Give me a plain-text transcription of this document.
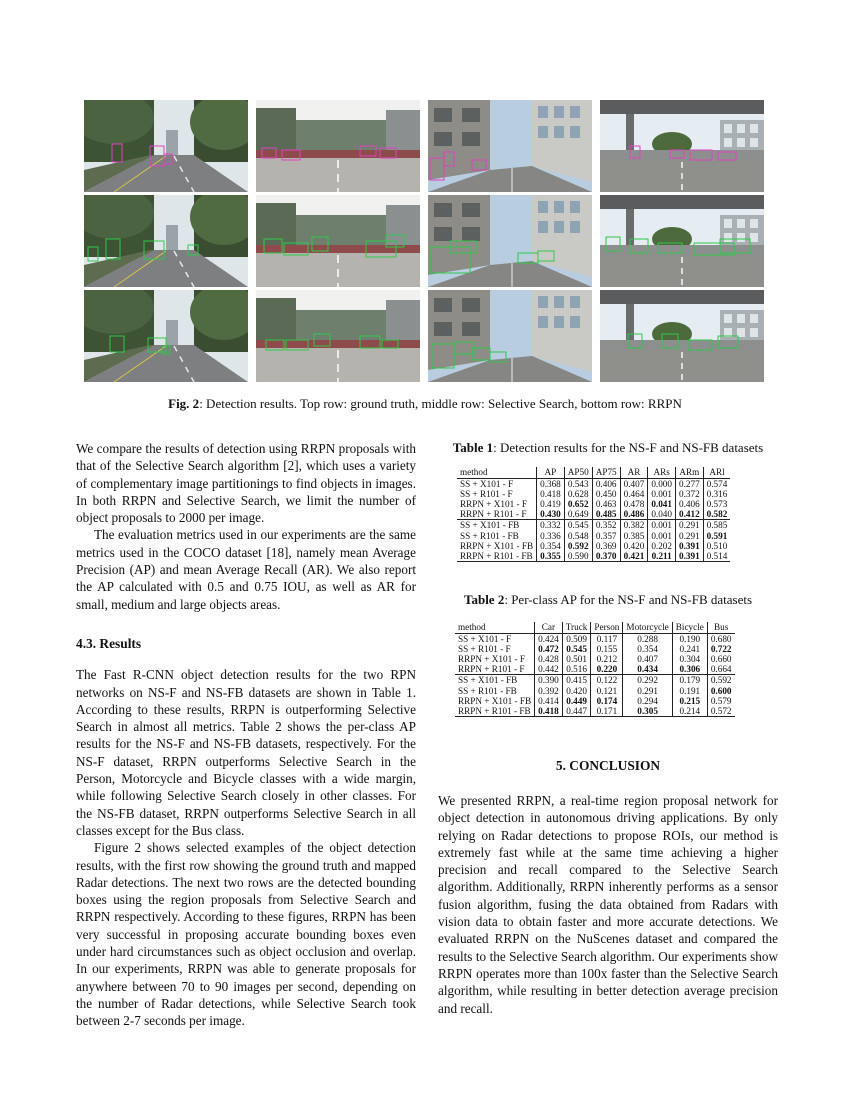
Fig. 2: Detection results. Top row: ground truth, middle row: Selective Search, bottom row: RRPN

We compare the results of detection using RRPN proposals with that of the Selective Search algorithm [2], which uses a variety of complementary image partitionings to find objects in images. In both RRPN and Selective Search, we limit the number of object proposals to 2000 per image.

The evaluation metrics used in our experiments are the same metrics used in the COCO dataset [18], namely mean Average Precision (AP) and mean Average Recall (AR). We also report the AP calculated with 0.5 and 0.75 IOU, as well as AR for small, medium and large objects areas.

4.3. Results

The Fast R-CNN object detection results for the two RPN networks on NS-F and NS-FB datasets are shown in Table 1. According to these results, RRPN is outperforming Selective Search in almost all metrics. Table 2 shows the per-class AP results for the NS-F and NS-FB datasets, respectively. For the NS-F dataset, RRPN outperforms Selective Search in the Person, Motorcycle and Bicycle classes with a wide margin, while following Selective Search closely in other classes. For the NS-FB dataset, RRPN outperforms Selective Search in all classes except for the Bus class.

Figure 2 shows selected examples of the object detection results, with the first row showing the ground truth and mapped Radar detections. The next two rows are the detected bounding boxes using the region proposals from Selective Search and RRPN respectively. According to these figures, RRPN has been very successful in proposing accurate bounding boxes even under hard circumstances such as object occlusion and overlap. In our experiments, RRPN was able to generate proposals for anywhere between 70 to 90 images per second, depending on the number of Radar detections, while Selective Search took between 2-7 seconds per image.

Table 1: Detection results for the NS-F and NS-FB datasets
method	AP	AP50	AP75	AR	ARs	ARm	ARl
SS + X101 - F	0.368	0.543	0.406	0.407	0.000	0.277	0.574
SS + R101 - F	0.418	0.628	0.450	0.464	0.001	0.372	0.316
RRPN + X101 - F	0.419	0.652	0.463	0.478	0.041	0.406	0.573
RRPN + R101 - F	0.430	0.649	0.485	0.486	0.040	0.412	0.582
SS + X101 - FB	0.332	0.545	0.352	0.382	0.001	0.291	0.585
SS + R101 - FB	0.336	0.548	0.357	0.385	0.001	0.291	0.591
RRPN + X101 - FB	0.354	0.592	0.369	0.420	0.202	0.391	0.510
RRPN + R101 - FB	0.355	0.590	0.370	0.421	0.211	0.391	0.514
Table 2: Per-class AP for the NS-F and NS-FB datasets
method	Car	Truck	Person	Motorcycle	Bicycle	Bus
SS + X101 - F	0.424	0.509	0.117	0.288	0.190	0.680
SS + R101 - F	0.472	0.545	0.155	0.354	0.241	0.722
RRPN + X101 - F	0.428	0.501	0.212	0.407	0.304	0.660
RRPN + R101 - F	0.442	0.516	0.220	0.434	0.306	0.664
SS + X101 - FB	0.390	0.415	0.122	0.292	0.179	0.592
SS + R101 - FB	0.392	0.420	0.121	0.291	0.191	0.600
RRPN + X101 - FB	0.414	0.449	0.174	0.294	0.215	0.579
RRPN + R101 - FB	0.418	0.447	0.171	0.305	0.214	0.572
5. CONCLUSION

We presented RRPN, a real-time region proposal network for object detection in autonomous driving applications. By only relying on Radar detections to propose ROIs, our method is extremely fast while at the same time achieving a higher precision and recall compared to the Selective Search algorithm. Additionally, RRPN inherently performs as a sensor fusion algorithm, fusing the data obtained from Radars with vision data to obtain faster and more accurate detections. We evaluated RRPN on the NuScenes dataset and compared the results to the Selective Search algorithm. Our experiments show RRPN operates more than 100x faster than the Selective Search algorithm, while resulting in better detection average precision and recall.
